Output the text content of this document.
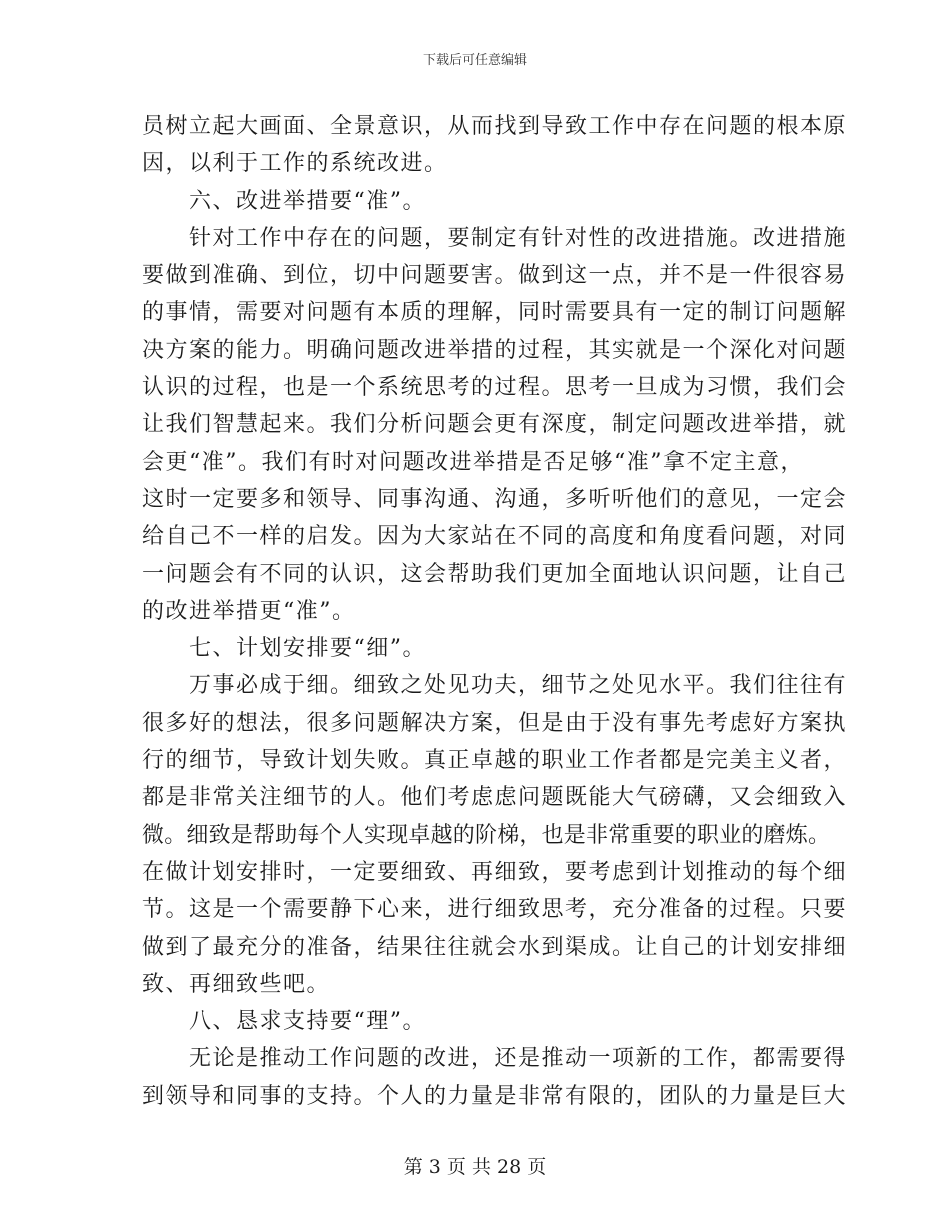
下载后可任意编辑
员树立起大画面、全景意识，从而找到导致工作中存在问题的根本原
因，以利于工作的系统改进。
六、改进举措要“准”。
针对工作中存在的问题，要制定有针对性的改进措施。改进措施
要做到准确、到位，切中问题要害。做到这一点，并不是一件很容易
的事情，需要对问题有本质的理解，同时需要具有一定的制订问题解
决方案的能力。明确问题改进举措的过程，其实就是一个深化对问题
认识的过程，也是一个系统思考的过程。思考一旦成为习惯，我们会
让我们智慧起来。我们分析问题会更有深度，制定问题改进举措，就
会更“准”。我们有时对问题改进举措是否足够“准”拿不定主意，
这时一定要多和领导、同事沟通、沟通，多听听他们的意见，一定会
给自己不一样的启发。因为大家站在不同的高度和角度看问题，对同
一问题会有不同的认识，这会帮助我们更加全面地认识问题，让自己
的改进举措更“准”。
七、计划安排要“细”。
万事必成于细。细致之处见功夫，细节之处见水平。我们往往有
很多好的想法，很多问题解决方案，但是由于没有事先考虑好方案执
行的细节，导致计划失败。真正卓越的职业工作者都是完美主义者，
都是非常关注细节的人。他们考虑虑问题既能大气磅礴，又会细致入
微。细致是帮助每个人实现卓越的阶梯，也是非常重要的职业的磨炼。
在做计划安排时，一定要细致、再细致，要考虑到计划推动的每个细
节。这是一个需要静下心来，进行细致思考，充分准备的过程。只要
做到了最充分的准备，结果往往就会水到渠成。让自己的计划安排细
致、再细致些吧。
八、恳求支持要“理”。
无论是推动工作问题的改进，还是推动一项新的工作，都需要得
到领导和同事的支持。个人的力量是非常有限的，团队的力量是巨大
第 3 页 共 28 页
